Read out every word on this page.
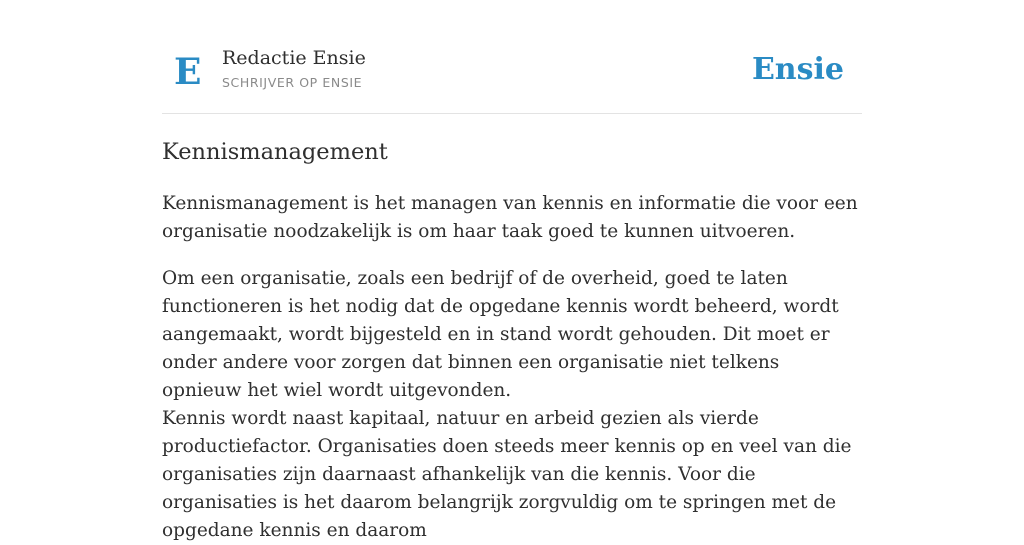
E Redactie Ensie
SCHRIJVER OP ENSIE	Ensie
Kennismanagement

Kennismanagement is het managen van kennis en informatie die voor een organisatie noodzakelijk is om haar taak goed te kunnen uitvoeren.

Om een organisatie, zoals een bedrijf of de overheid, goed te laten functioneren is het nodig dat de opgedane kennis wordt beheerd, wordt aangemaakt, wordt bijgesteld en in stand wordt gehouden. Dit moet er onder andere voor zorgen dat binnen een organisatie niet telkens opnieuw het wiel wordt uitgevonden.

Kennis wordt naast kapitaal, natuur en arbeid gezien als vierde productiefactor. Organisaties doen steeds meer kennis op en veel van die organisaties zijn daarnaast afhankelijk van die kennis. Voor die organisaties is het daarom belangrijk zorgvuldig om te springen met de opgedane kennis en daarom
